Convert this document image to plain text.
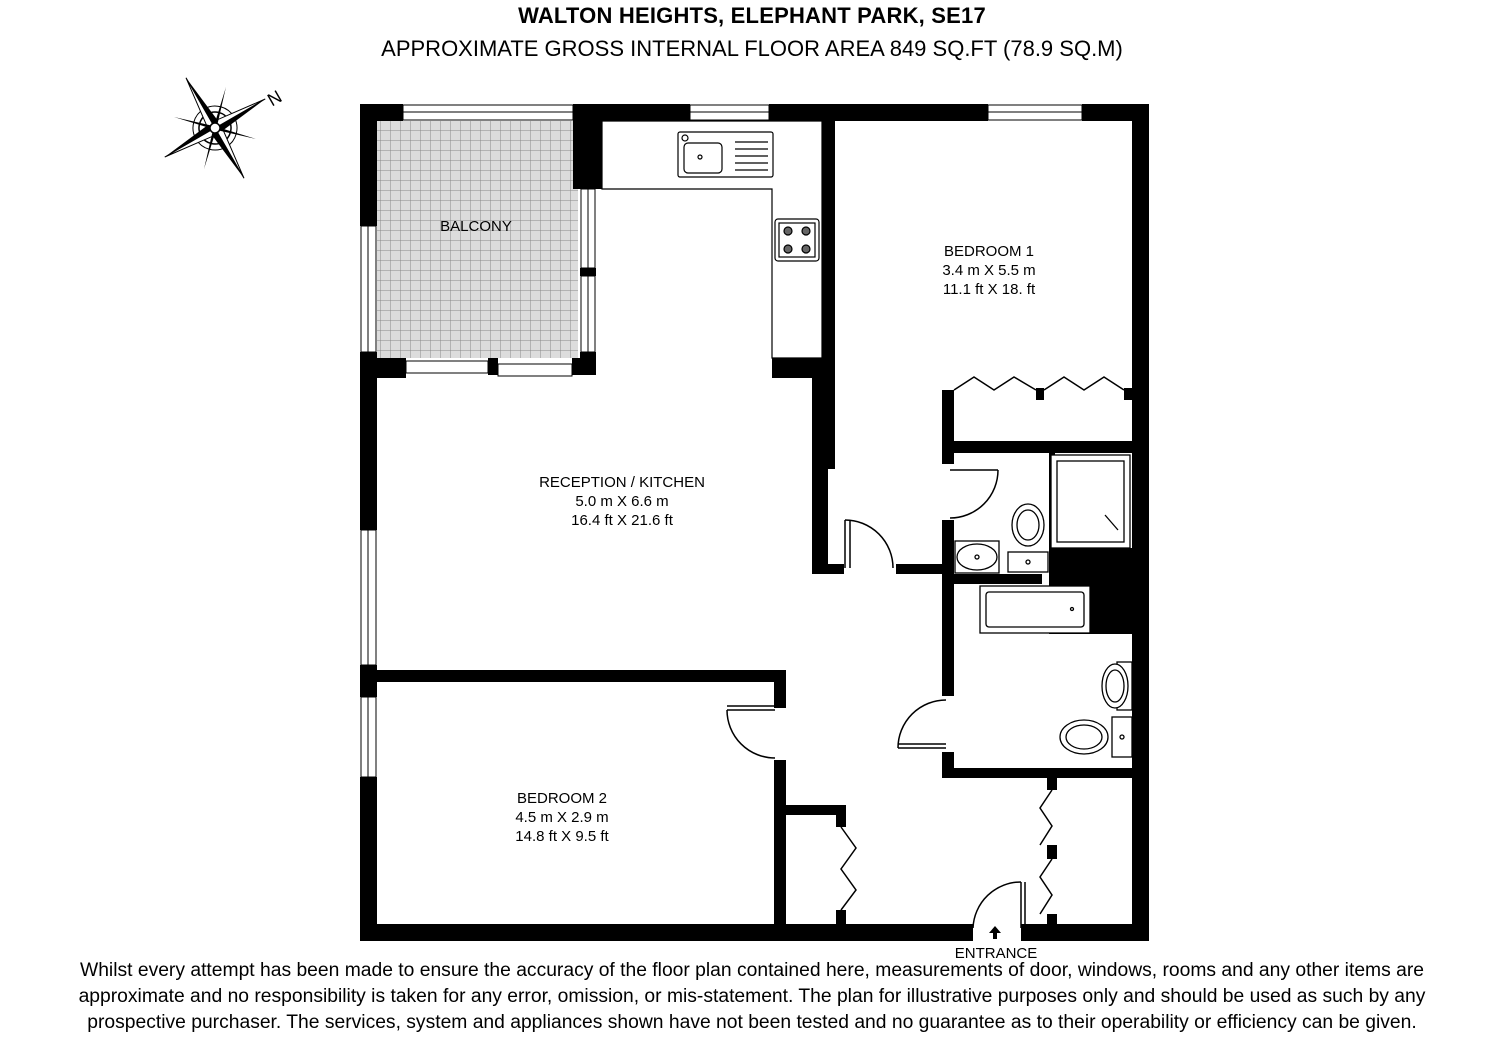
WALTON HEIGHTS, ELEPHANT PARK, SE17
APPROXIMATE GROSS INTERNAL FLOOR AREA 849 SQ.FT (78.9 SQ.M)
N
BALCONY
BEDROOM 1
3.4 m X 5.5 m
11.1 ft X 18. ft
RECEPTION / KITCHEN
5.0 m X 6.6 m
16.4 ft X 21.6 ft
BEDROOM 2
4.5 m X 2.9 m
14.8 ft X 9.5 ft
ENTRANCE
Whilst every attempt has been made to ensure the accuracy of the floor plan contained here, measurements of door, windows, rooms and any other items are approximate and no responsibility is taken for any error, omission, or mis-statement. The plan for illustrative purposes only and should be used as such by any prospective purchaser. The services, system and appliances shown have not been tested and no guarantee as to their operability or efficiency can be given.
